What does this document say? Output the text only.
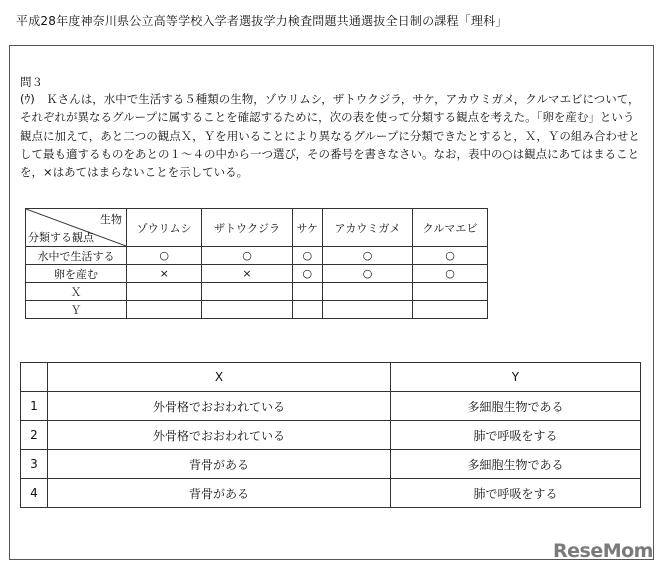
平成28年度神奈川県公立高等学校入学者選抜学力検査問題共通選抜全日制の課程「理科」
問３
(ｳ)　Ｋさんは，水中で生活する５種類の生物，ゾウリムシ，ザトウクジラ，サケ，アカウミガメ，クルマエビについて，それぞれが異なるグループに属することを確認するために，次の表を使って分類する観点を考えた。「卵を産む」という観点に加えて，あと二つの観点Ｘ，Ｙを用いることにより異なるグループに分類できたとすると，Ｘ，Ｙの組み合わせとして最も適するものをあとの１～４の中から一つ選び，その番号を書きなさい。なお，表中の○は観点にあてはまることを，×はあてはまらないことを示している。
生物
分類する観点	ゾウリムシ	ザトウクジラ	サケ	アカウミガメ	クルマエビ
水中で生活する	○	○	○	○	○
卵を産む	×	×	○	○	○
Ｘ					
Ｙ					
	X	Y
1	外骨格でおおわれている	多細胞生物である
2	外骨格でおおわれている	肺で呼吸をする
3	背骨がある	多細胞生物である
4	背骨がある	肺で呼吸をする
ReseMom
